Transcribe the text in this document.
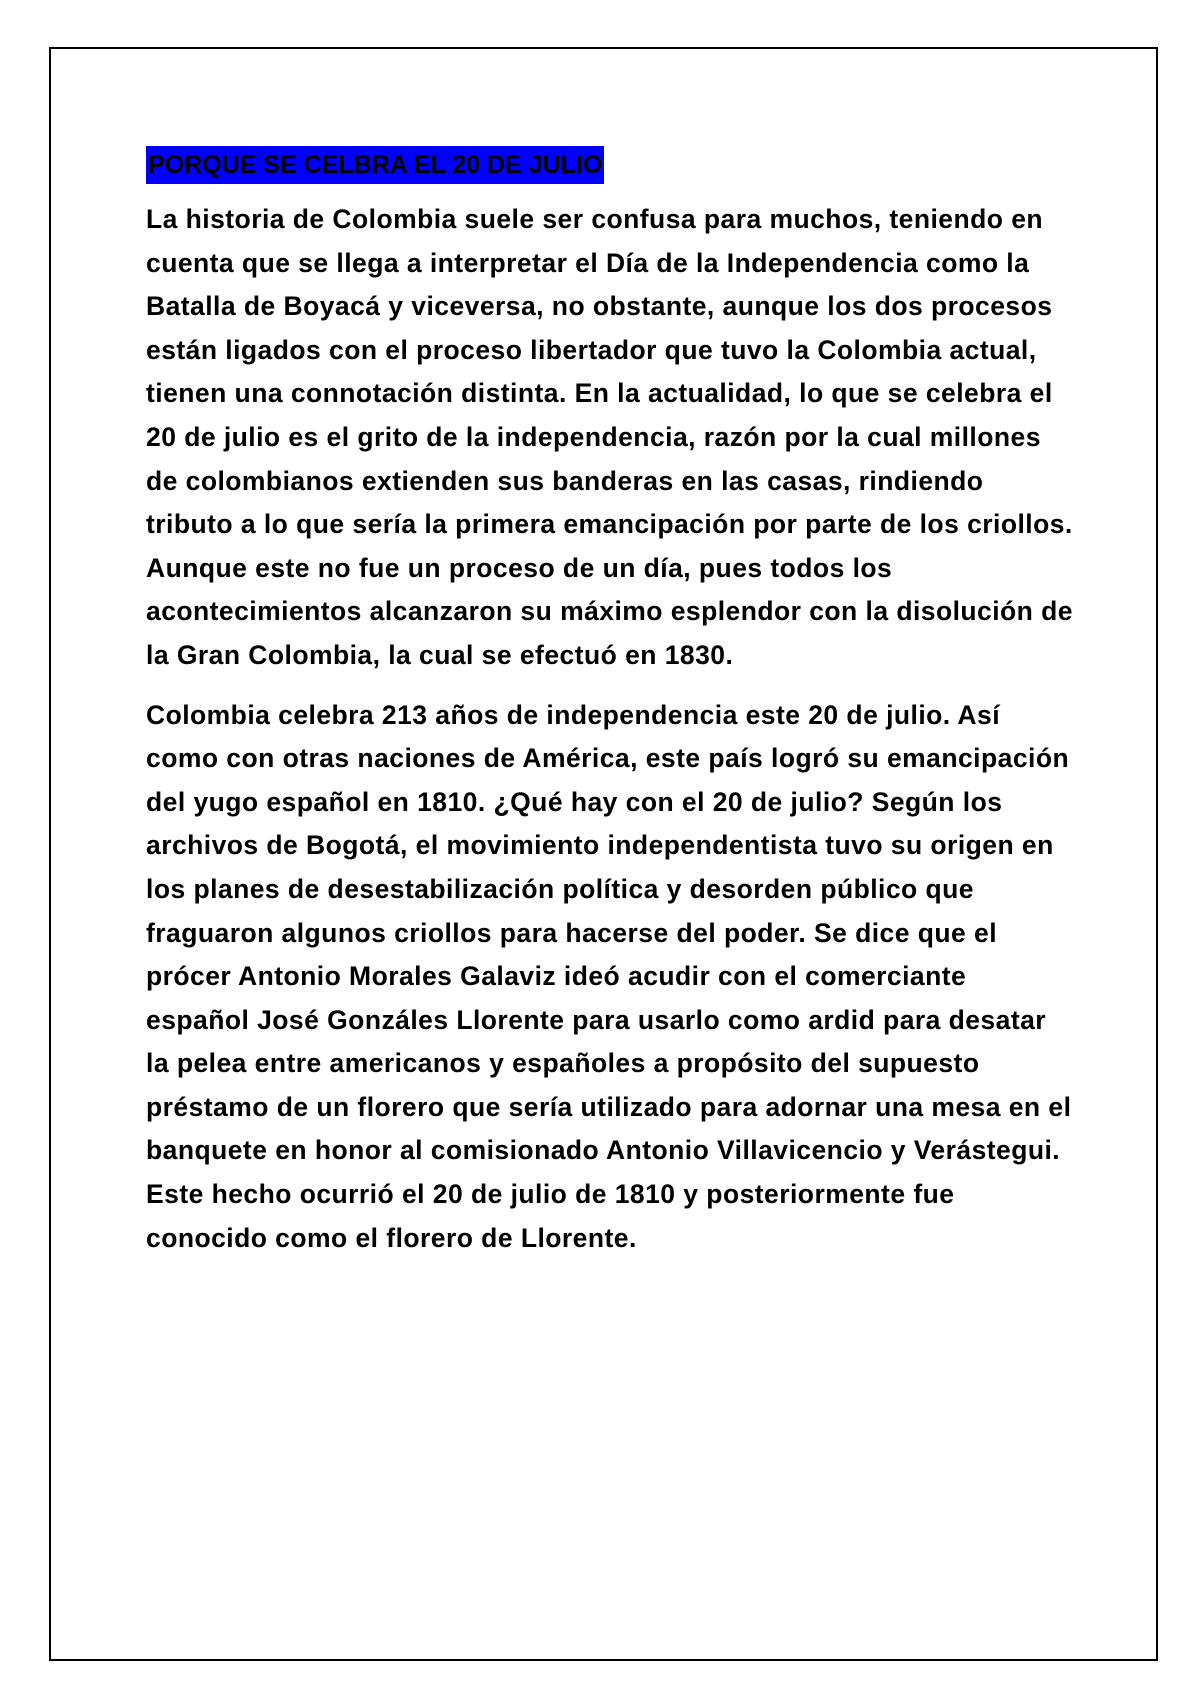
PORQUE SE CELBRA EL 20 DE JULIO

La historia de Colombia suele ser confusa para muchos, teniendo en cuenta que se llega a interpretar el Día de la Independencia como la Batalla de Boyacá y viceversa, no obstante, aunque los dos procesos están ligados con el proceso libertador que tuvo la Colombia actual, tienen una connotación distinta. En la actualidad, lo que se celebra el 20 de julio es el grito de la independencia, razón por la cual millones de colombianos extienden sus banderas en las casas, rindiendo tributo a lo que sería la primera emancipación por parte de los criollos. Aunque este no fue un proceso de un día, pues todos los acontecimientos alcanzaron su máximo esplendor con la disolución de la Gran Colombia, la cual se efectuó en 1830.

Colombia celebra 213 años de independencia este 20 de julio. Así como con otras naciones de América, este país logró su emancipación del yugo español en 1810. ¿Qué hay con el 20 de julio? Según los archivos de Bogotá, el movimiento independentista tuvo su origen en los planes de desestabilización política y desorden público que fraguaron algunos criollos para hacerse del poder. Se dice que el prócer Antonio Morales Galaviz ideó acudir con el comerciante español José Gonzáles Llorente para usarlo como ardid para desatar la pelea entre americanos y españoles a propósito del supuesto préstamo de un florero que sería utilizado para adornar una mesa en el banquete en honor al comisionado Antonio Villavicencio y Verástegui. Este hecho ocurrió el 20 de julio de 1810 y posteriormente fue conocido como el florero de Llorente.
